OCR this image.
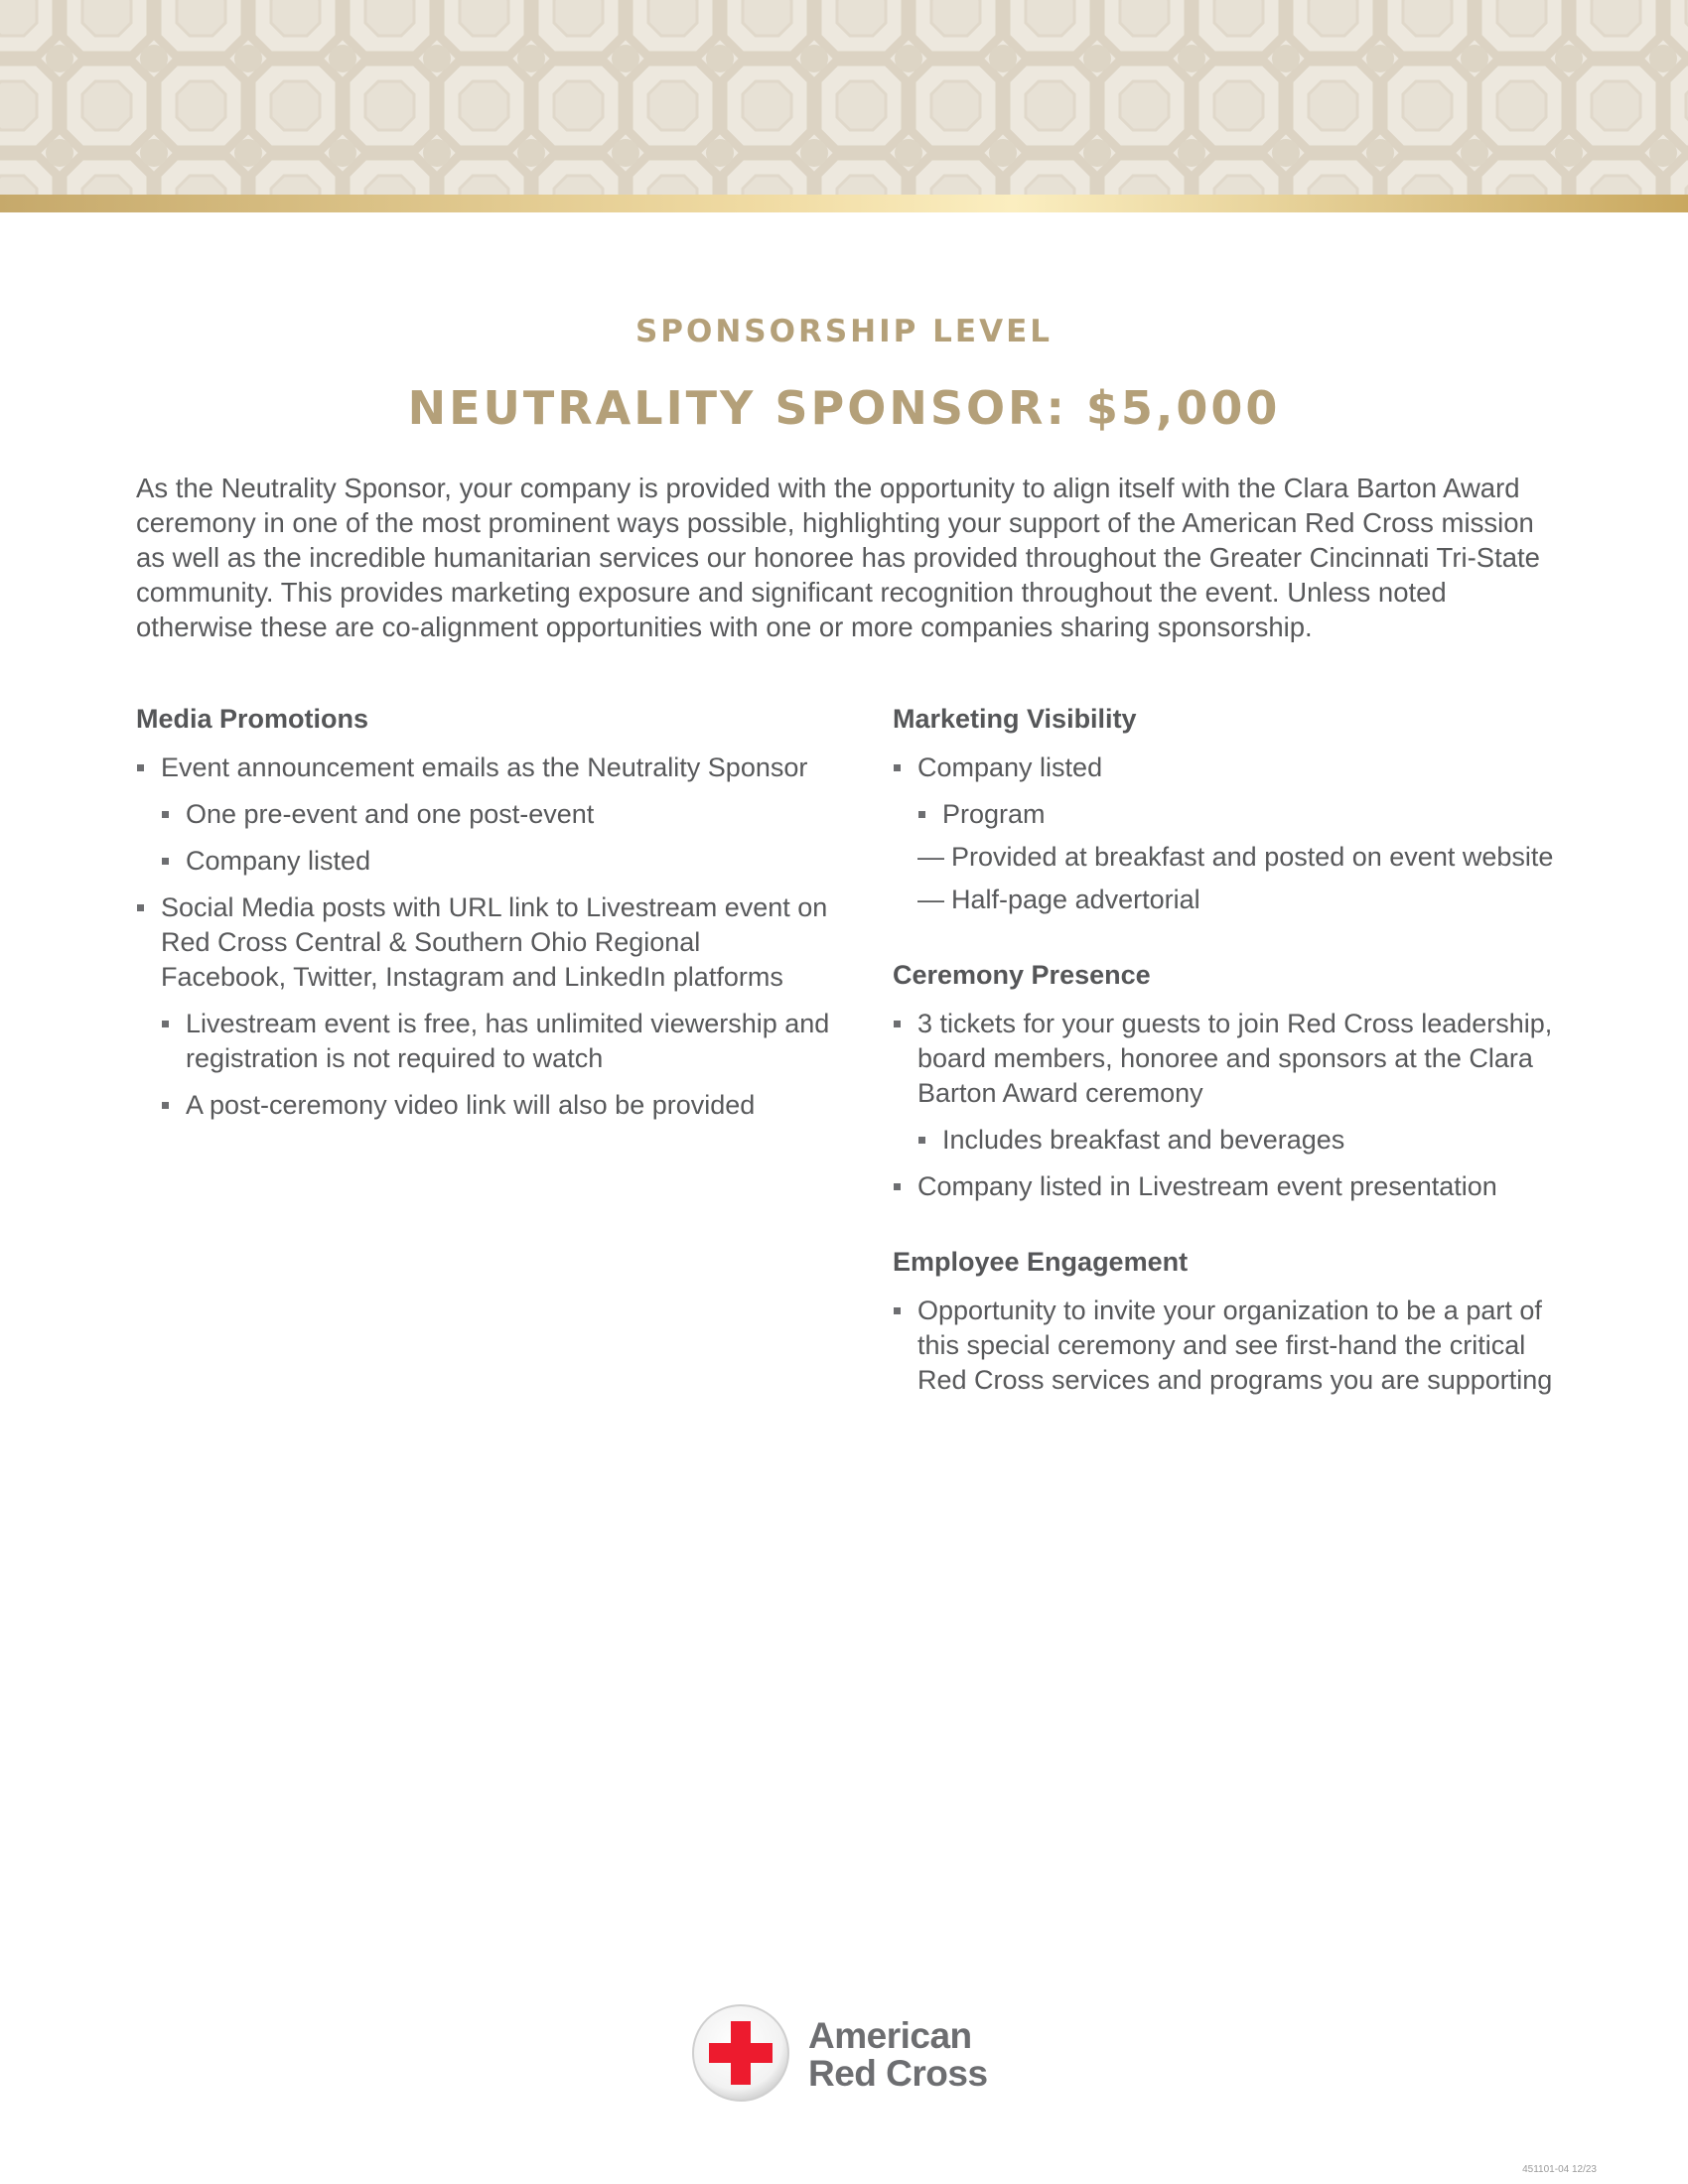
SPONSORSHIP LEVEL
NEUTRALITY SPONSOR: $5,000

As the Neutrality Sponsor, your company is provided with the opportunity to align itself with the Clara Barton Award ceremony in one of the most prominent ways possible, highlighting your support of the American Red Cross mission as well as the incredible humanitarian services our honoree has provided throughout the Greater Cincinnati Tri-State community. This provides marketing exposure and significant recognition throughout the event. Unless noted otherwise these are co-alignment opportunities with one or more companies sharing sponsorship.

Media Promotions
Event announcement emails as the Neutrality Sponsor
One pre-event and one post-event
Company listed
Social Media posts with URL link to Livestream event on Red Cross Central & Southern Ohio Regional Facebook, Twitter, Instagram and LinkedIn platforms
Livestream event is free, has unlimited viewership and registration is not required to watch
A post-ceremony video link will also be provided
Marketing Visibility
Company listed
Program
— Provided at breakfast and posted on event website
— Half-page advertorial
Ceremony Presence
3 tickets for your guests to join Red Cross leadership, board members, honoree and sponsors at the Clara Barton Award ceremony
Includes breakfast and beverages
Company listed in Livestream event presentation
Employee Engagement
Opportunity to invite your organization to be a part of this special ceremony and see first-hand the critical Red Cross services and programs you are supporting
American
Red Cross
451101-04 12/23
